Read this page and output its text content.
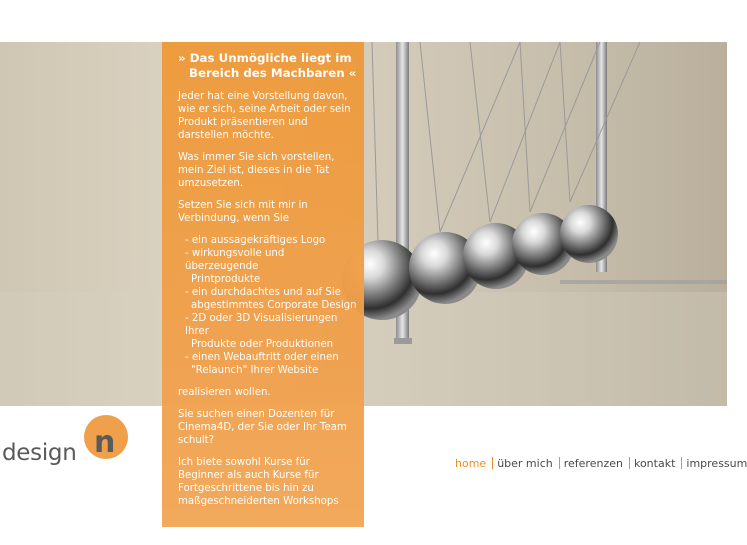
» Das Unmögliche liegt im
Bereich des Machbaren «

Jeder hat eine Vorstellung davon, wie er sich, seine Arbeit oder sein Produkt präsentieren und darstellen möchte.

Was immer Sie sich vorstellen, mein Ziel ist, dieses in die Tat umzusetzen.

Setzen Sie sich mit mir in Verbindung, wenn Sie

- ein aussagekräftiges Logo
- wirkungsvolle und überzeugende
Printprodukte
- ein durchdachtes und auf Sie
abgestimmtes Corporate Design
- 2D oder 3D Visualisierungen Ihrer
Produkte oder Produktionen
- einen Webauftritt oder einen
"Relaunch" Ihrer Website

realisieren wollen.

Sie suchen einen Dozenten für Cinema4D, der Sie oder Ihr Team schult?

Ich biete sowohl Kurse für Beginner als auch Kurse für Fortgeschrittene bis hin zu maßgeschneiderten Workshops

design n
home über mich referenzen kontakt impressum
